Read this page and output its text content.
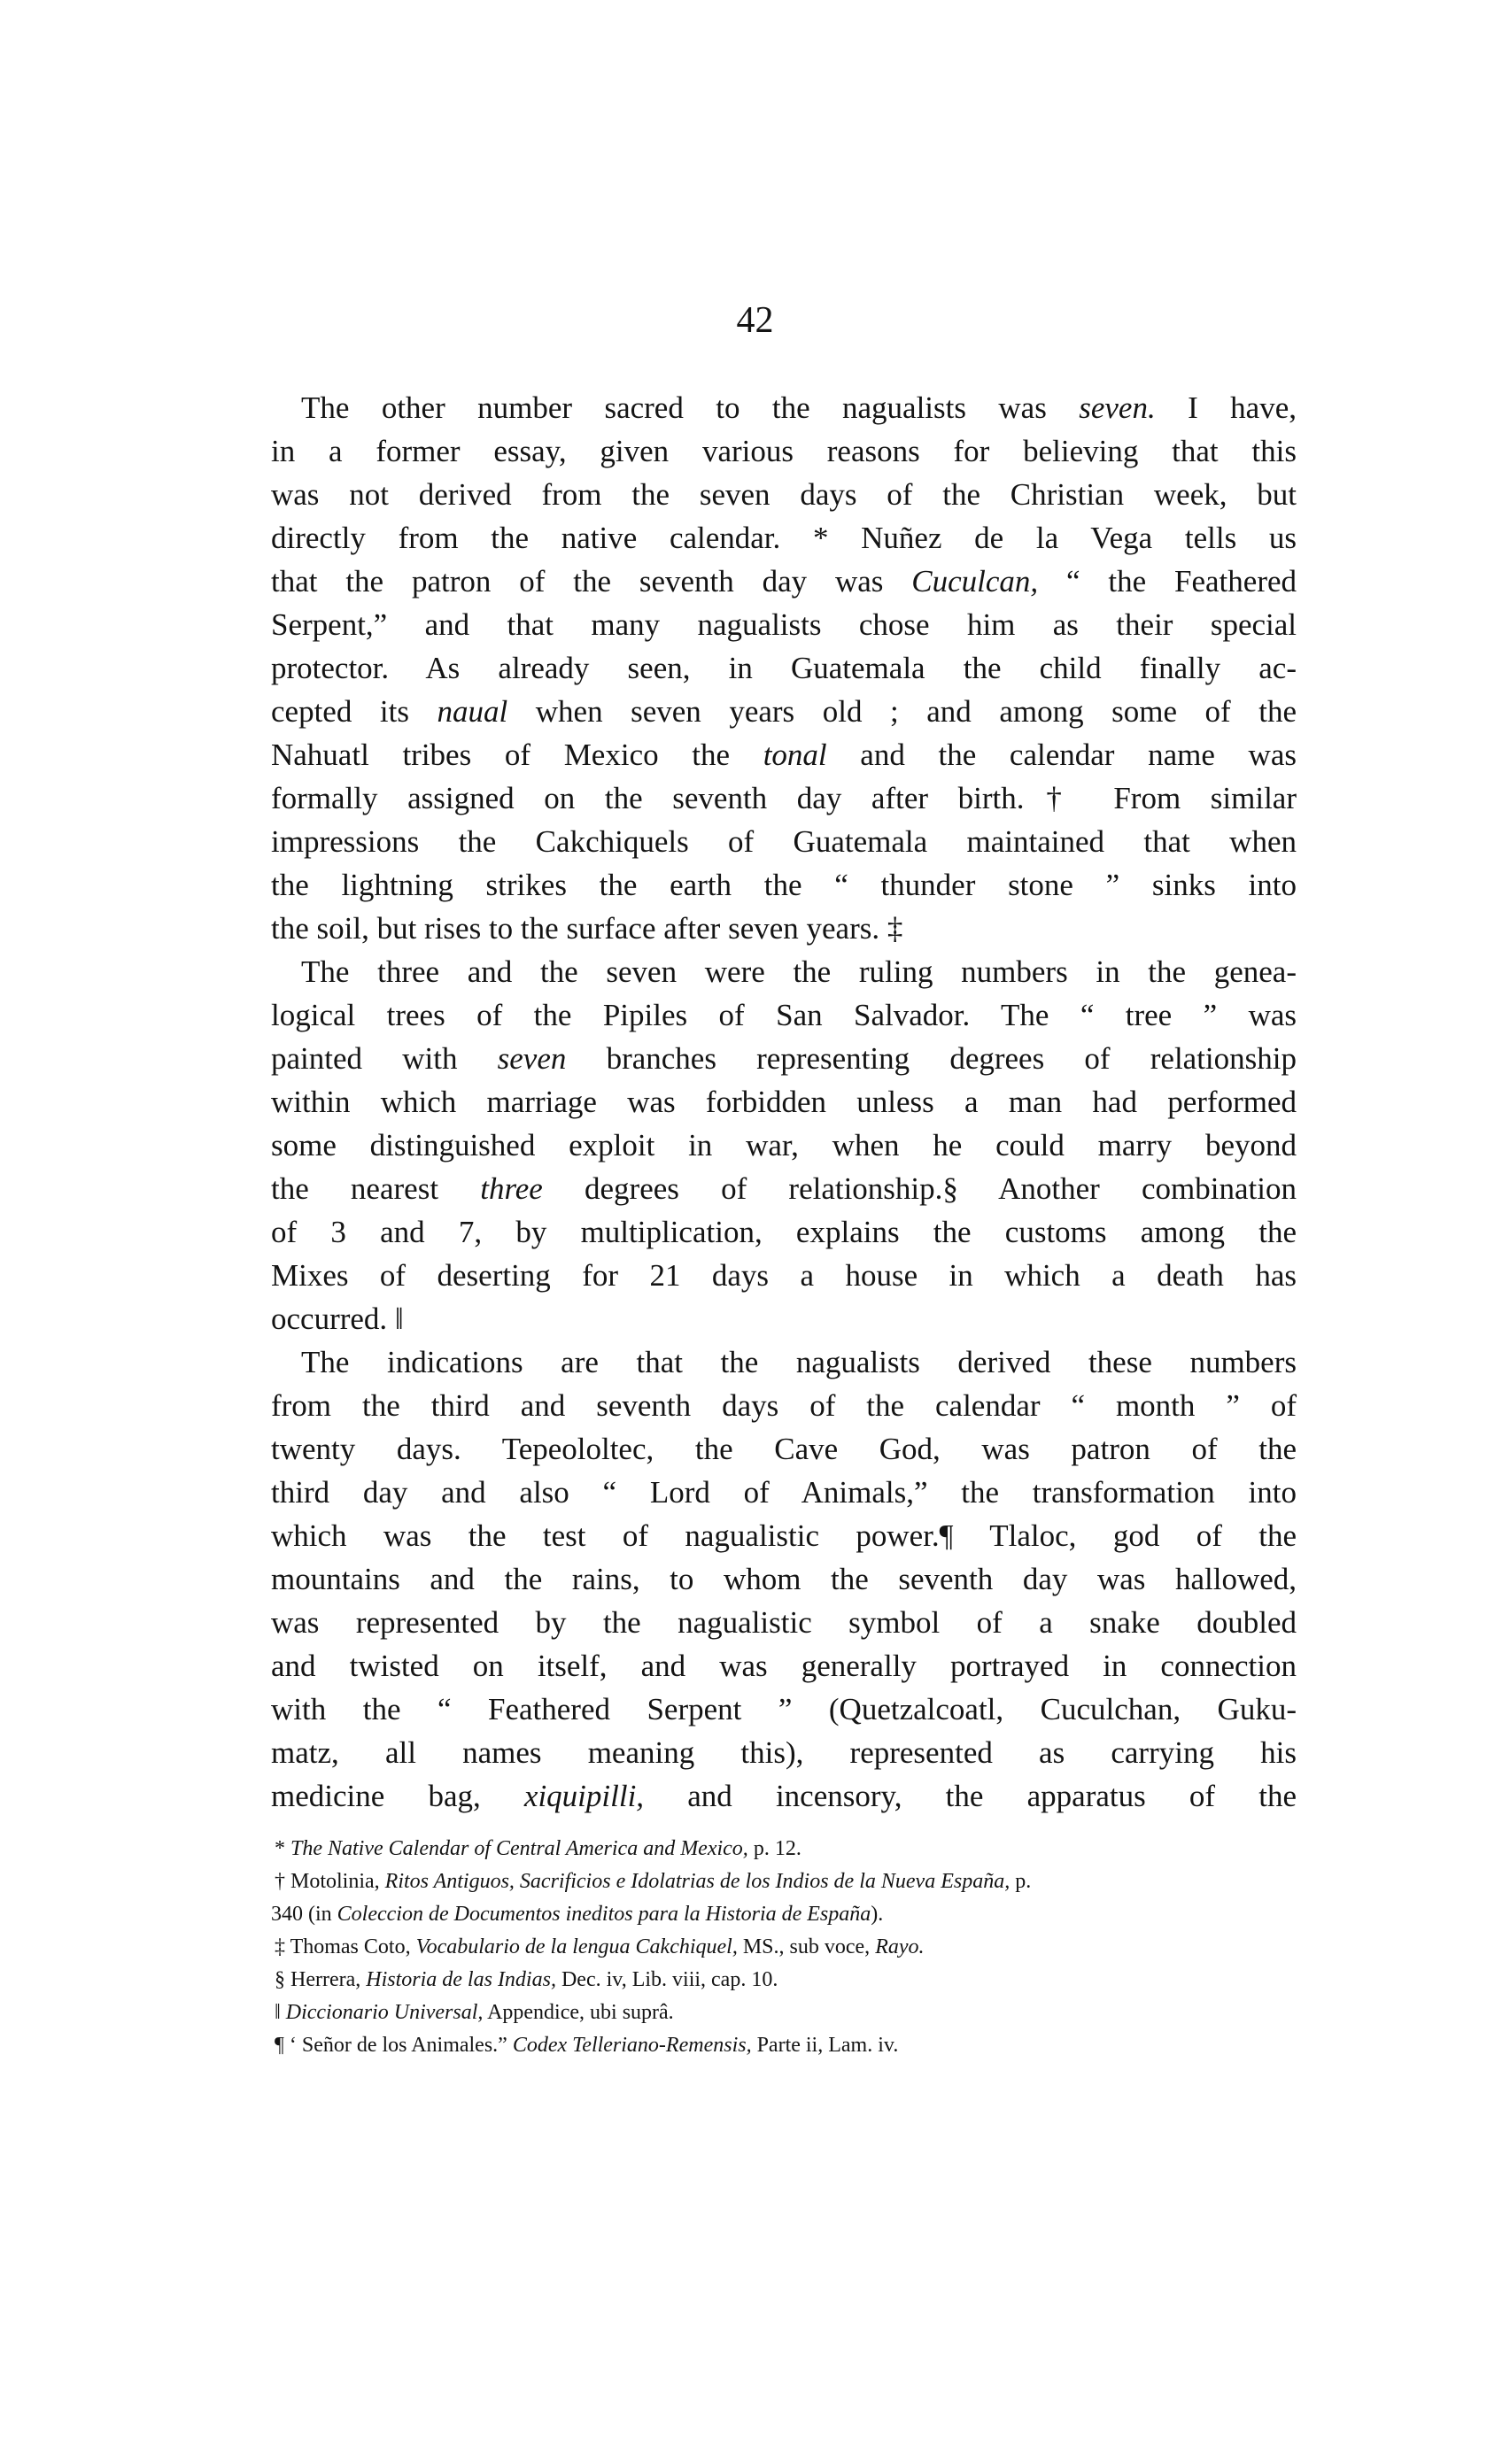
42
The other number sacred to the nagualists was seven. I have,
in a former essay, given various reasons for believing that this
was not derived from the seven days of the Christian week, but
directly from the native calendar. * Nuñez de la Vega tells us
that the patron of the seventh day was Cuculcan, “ the Feathered
Serpent,” and that many nagualists chose him as their special
protector. As already seen, in Guatemala the child finally ac-
cepted its naual when seven years old ; and among some of the
Nahuatl tribes of Mexico the tonal and the calendar name was
formally assigned on the seventh day after birth.† From similar
impressions the Cakchiquels of Guatemala maintained that when
the lightning strikes the earth the “ thunder stone ” sinks into
the soil, but rises to the surface after seven years. ‡
The three and the seven were the ruling numbers in the genea-
logical trees of the Pipiles of San Salvador. The “ tree ” was
painted with seven branches representing degrees of relationship
within which marriage was forbidden unless a man had performed
some distinguished exploit in war, when he could marry beyond
the nearest three degrees of relationship.§ Another combination
of 3 and 7, by multiplication, explains the customs among the
Mixes of deserting for 21 days a house in which a death has
occurred. ‖
The indications are that the nagualists derived these numbers
from the third and seventh days of the calendar “ month ” of
twenty days. Tepeololtec, the Cave God, was patron of the
third day and also “ Lord of Animals,” the transformation into
which was the test of nagualistic power.¶ Tlaloc, god of the
mountains and the rains, to whom the seventh day was hallowed,
was represented by the nagualistic symbol of a snake doubled
and twisted on itself, and was generally portrayed in connection
with the “ Feathered Serpent ” (Quetzalcoatl, Cuculchan, Guku-
matz, all names meaning this), represented as carrying his
medicine bag, xiquipilli, and incensory, the apparatus of the
* The Native Calendar of Central America and Mexico, p. 12.
† Motolinia, Ritos Antiguos, Sacrificios e Idolatrias de los Indios de la Nueva España, p.
340 (in Coleccion de Documentos ineditos para la Historia de España).
‡ Thomas Coto, Vocabulario de la lengua Cakchiquel, MS., sub voce, Rayo.
§ Herrera, Historia de las Indias, Dec. iv, Lib. viii, cap. 10.
‖ Diccionario Universal, Appendice, ubi suprâ.
¶ ‘ Señor de los Animales.” Codex Telleriano-Remensis, Parte ii, Lam. iv.
